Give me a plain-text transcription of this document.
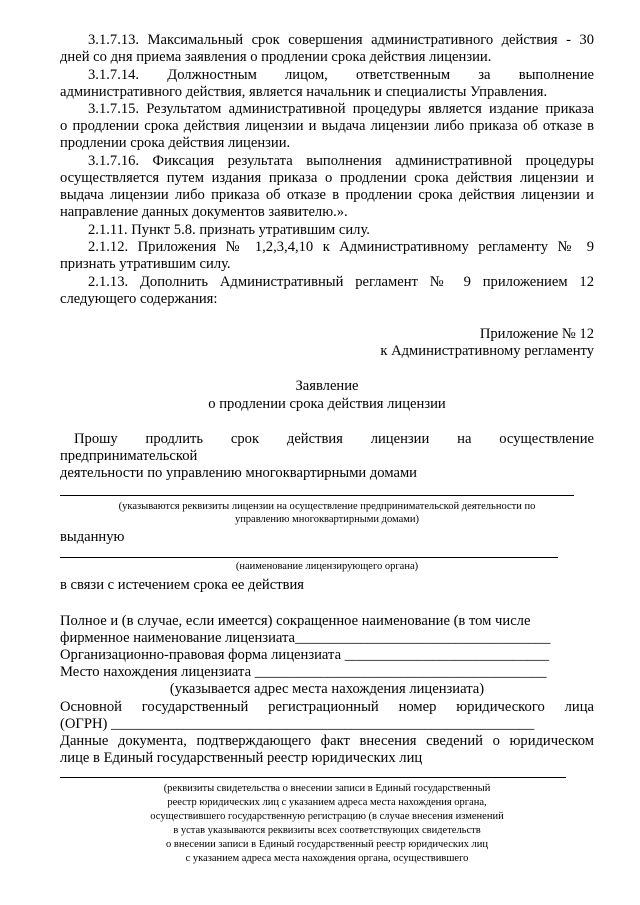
3.1.7.13. Максимальный срок совершения административного действия - 30
дней со дня приема заявления о продлении срока действия лицензии.
3.1.7.14. Должностным лицом, ответственным за выполнение
административного действия, является начальник и специалисты Управления.
3.1.7.15. Результатом административной процедуры является издание приказа
о продлении срока действия лицензии и выдача лицензии либо приказа об отказе в
продлении срока действия лицензии.
3.1.7.16. Фиксация результата выполнения административной процедуры
осуществляется путем издания приказа о продлении срока действия лицензии и
выдача лицензии либо приказа об отказе в продлении срока действия лицензии и
направление данных документов заявителю.».
2.1.11. Пункт 5.8. признать утратившим силу.
2.1.12. Приложения № 1,2,3,4,10 к Административному регламенту № 9
признать утратившим силу.
2.1.13. Дополнить Административный регламент № 9 приложением 12
следующего содержания:
Приложение № 12
к Административному регламенту
Заявление
о продлении срока действия лицензии
Прошу продлить срок действия лицензии на осуществление
предпринимательской
деятельности по управлению многоквартирными домами
(указываются реквизиты лицензии на осуществление предпринимательской деятельности по
управлению многоквартирными домами)
выданную
(наименование лицензирующего органа)
в связи с истечением срока ее действия
Полное и (в случае, если имеется) сокращенное наименование (в том числе
фирменное наименование лицензиата___________________________________
Организационно-правовая форма лицензиата ____________________________
Место нахождения лицензиата ________________________________________
(указывается адрес места нахождения лицензиата)
Основной государственный регистрационный номер юридического лица
(ОГРН) __________________________________________________________
Данные документа, подтверждающего факт внесения сведений о юридическом
лице в Единый государственный реестр юридических лиц
(реквизиты свидетельства о внесении записи в Единый государственный
реестр юридических лиц с указанием адреса места нахождения органа,
осуществившего государственную регистрацию (в случае внесения изменений
в устав указываются реквизиты всех соответствующих свидетельств
о внесении записи в Единый государственный реестр юридических лиц
с указанием адреса места нахождения органа, осуществившего
